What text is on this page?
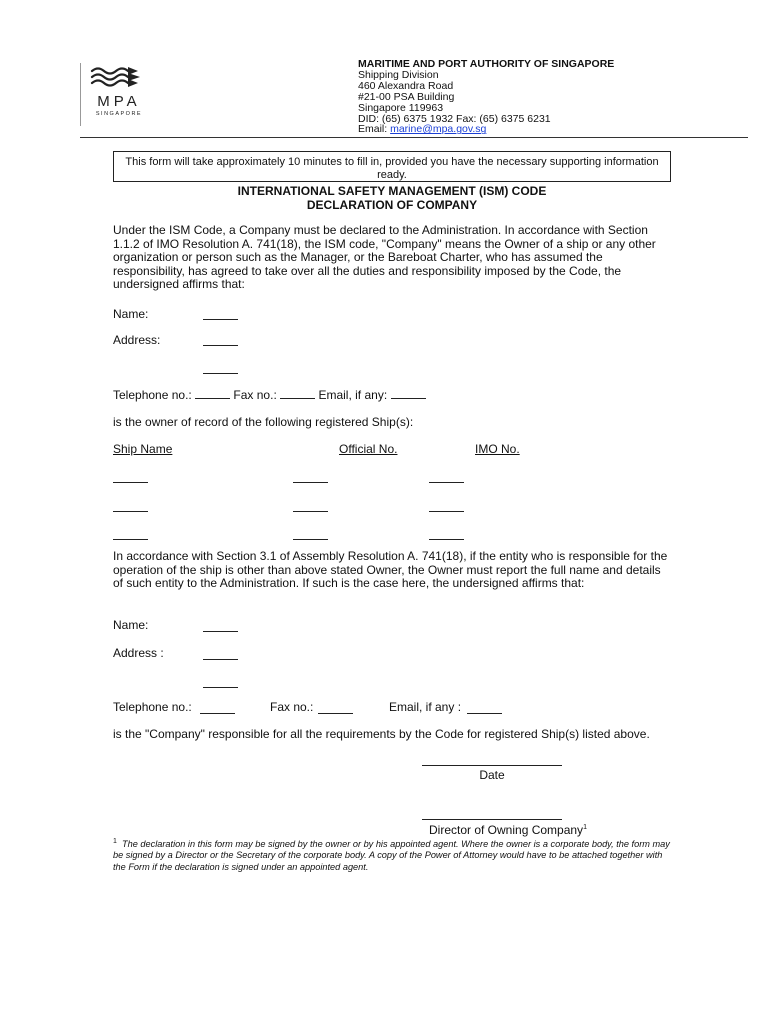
MPA
SINGAPORE
MARITIME AND PORT AUTHORITY OF SINGAPORE
Shipping Division
460 Alexandra Road
#21-00 PSA Building
Singapore 119963
DID: (65) 6375 1932 Fax: (65) 6375 6231
Email: marine@mpa.gov.sg
This form will take approximately 10 minutes to fill in, provided you have the necessary supporting information ready.
INTERNATIONAL SAFETY MANAGEMENT (ISM) CODE
DECLARATION OF COMPANY
Under the ISM Code, a Company must be declared to the Administration. In accordance with Section 1.1.2 of IMO Resolution A. 741(18), the ISM code, "Company" means the Owner of a ship or any other organization or person such as the Manager, or the Bareboat Charter, who has assumed the responsibility, has agreed to take over all the duties and responsibility imposed by the Code, the undersigned affirms that:
Name:
Address:
Telephone no.:	Fax no.:	Email, if any:
is the owner of record of the following registered Ship(s):
Ship Name	Official No.	IMO No.
In accordance with Section 3.1 of Assembly Resolution A. 741(18), if the entity who is responsible for the operation of the ship is other than above stated Owner, the Owner must report the full name and details of such entity to the Administration. If such is the case here, the undersigned affirms that:
Name:
Address :
Telephone no.:	Fax no.:	Email, if any :
is the "Company" responsible for all the requirements by the Code for registered Ship(s) listed above.
Date
Director of Owning Company$^1$
$^1$ The declaration in this form may be signed by the owner or by his appointed agent. Where the owner is a corporate body, the form may be signed by a Director or the Secretary of the corporate body. A copy of the Power of Attorney would have to be attached together with the Form if the declaration is signed under an appointed agent.
